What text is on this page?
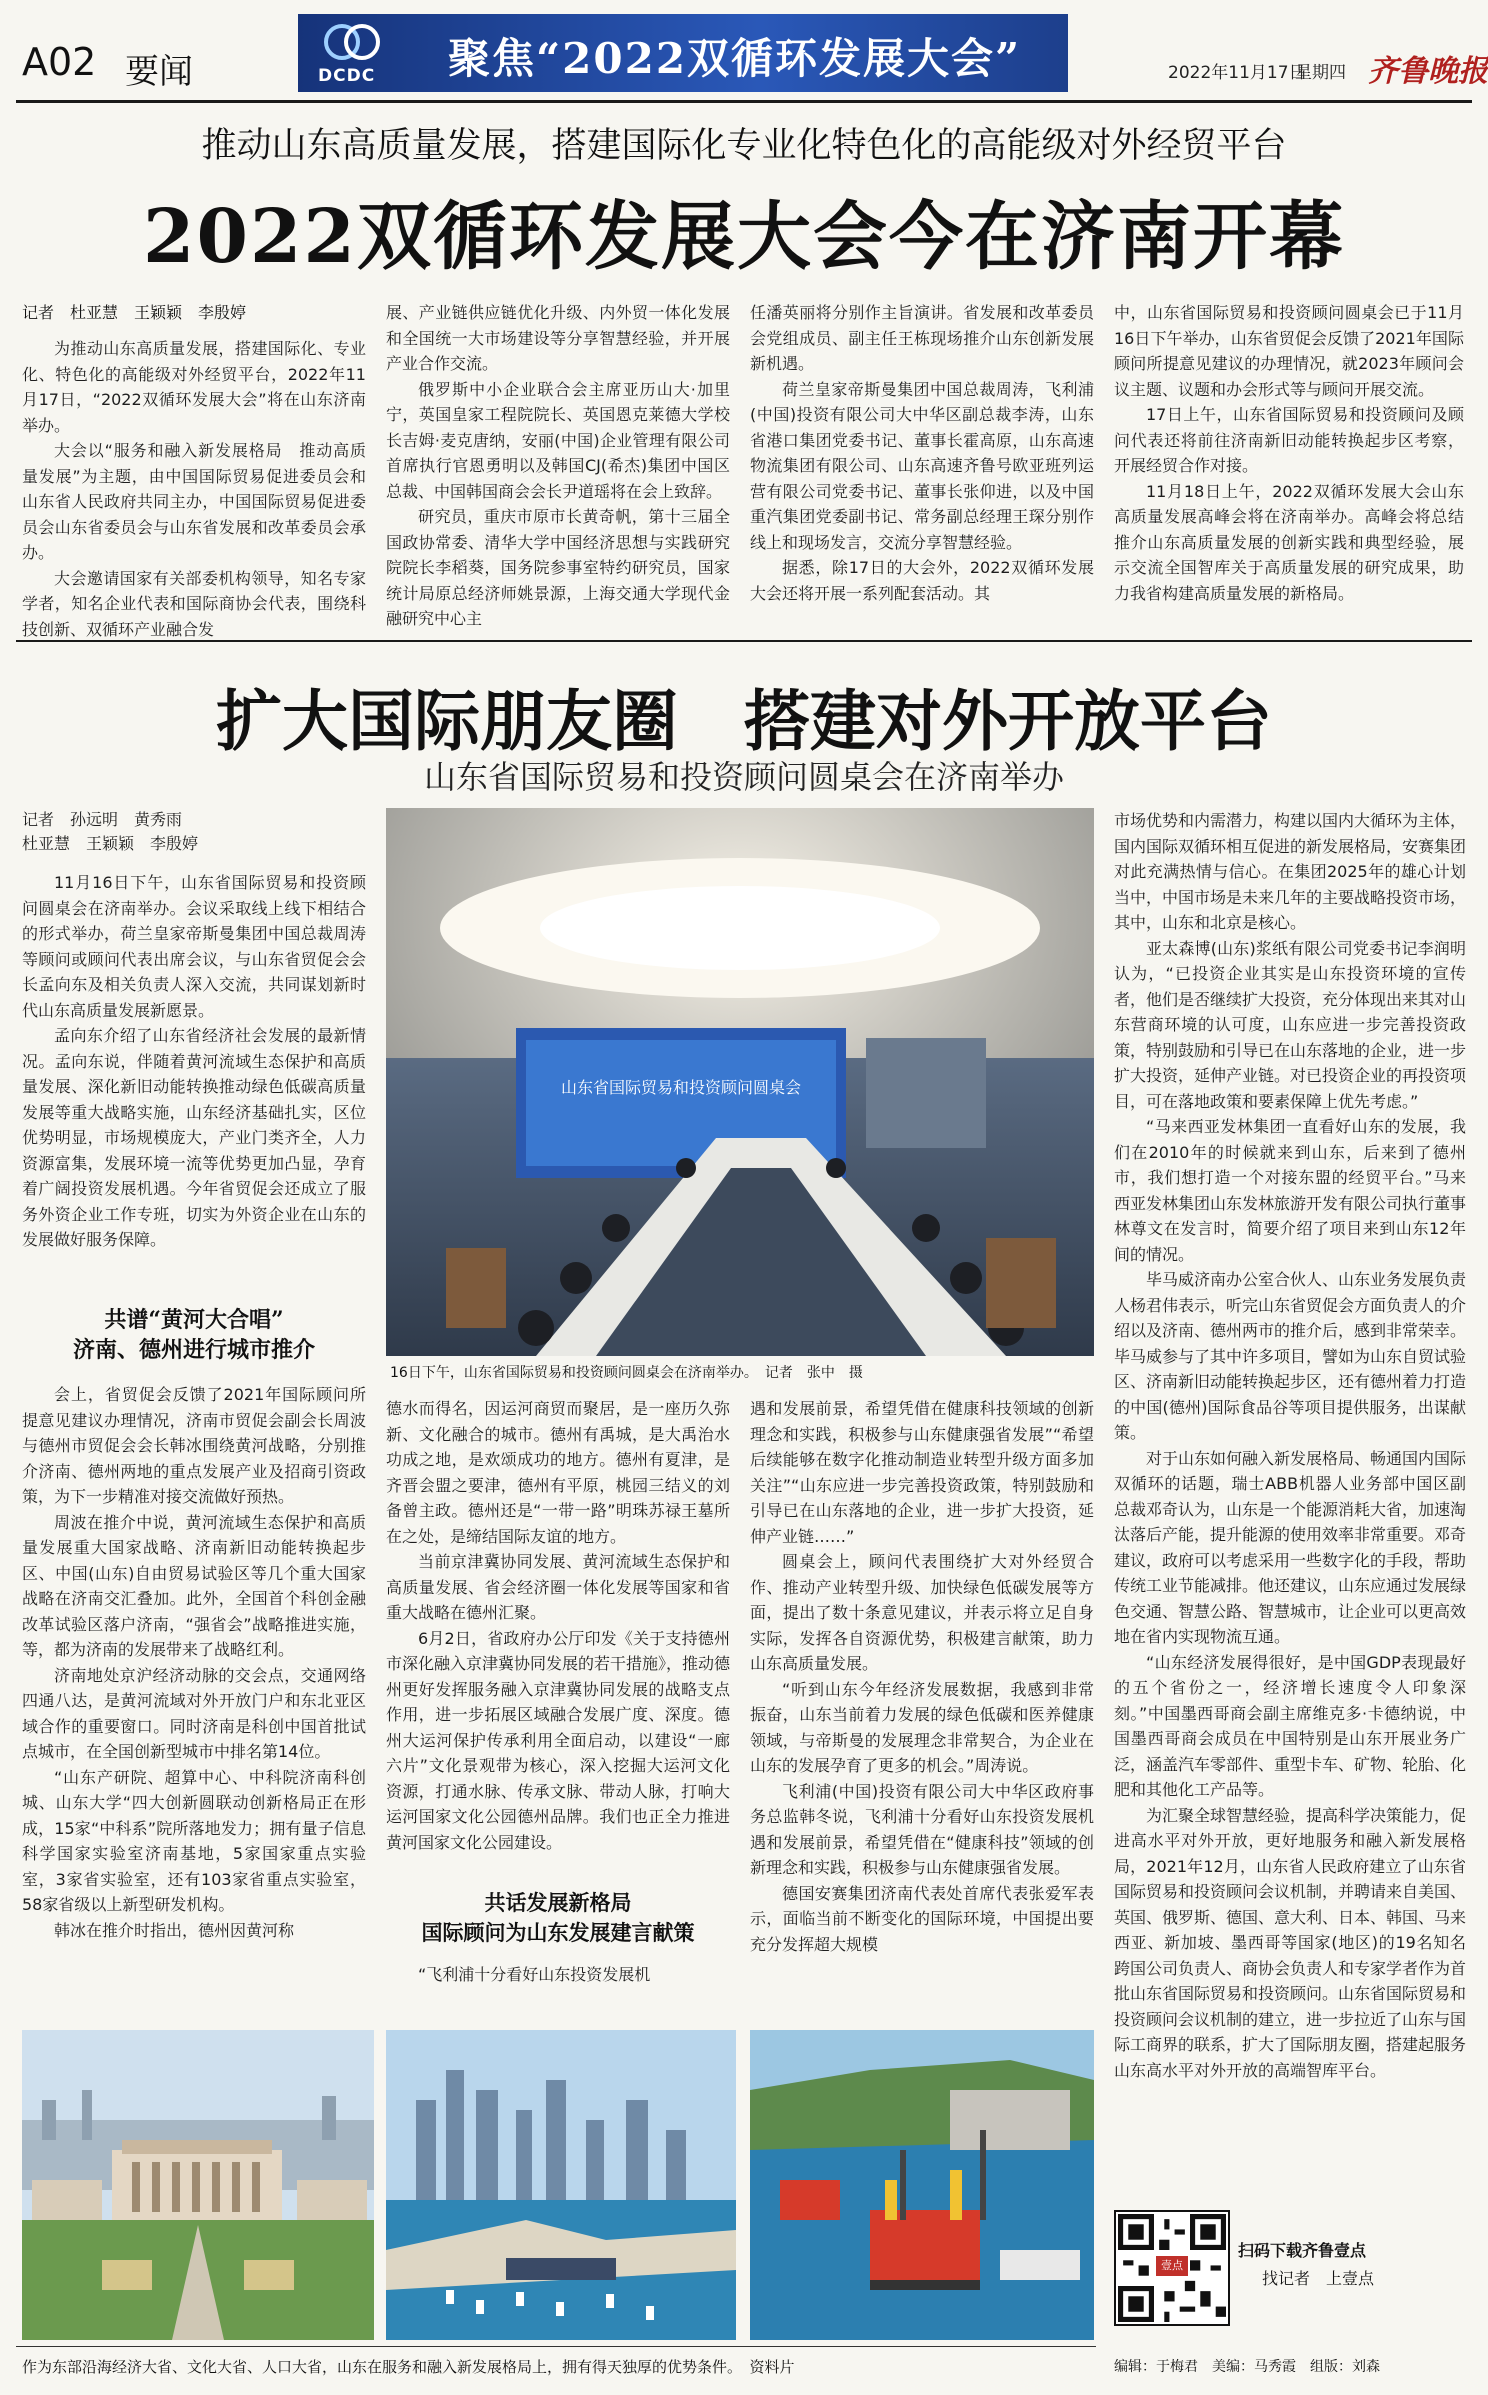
A02 要闻	DCDC 聚焦“2022双循环发展大会”	2022年11月17日
星期四 齐鲁晚报
推动山东高质量发展，搭建国际化专业化特色化的高能级对外经贸平台
2022双循环发展大会今在济南开幕
记者　杜亚慧　王颖颖　李殷婷

为推动山东高质量发展，搭建国际化、专业化、特色化的高能级对外经贸平台，2022年11月17日，“2022双循环发展大会”将在山东济南举办。

大会以“服务和融入新发展格局　推动高质量发展”为主题，由中国国际贸易促进委员会和山东省人民政府共同主办，中国国际贸易促进委员会山东省委员会与山东省发展和改革委员会承办。

大会邀请国家有关部委机构领导，知名专家学者，知名企业代表和国际商协会代表，围绕科技创新、双循环产业融合发

展、产业链供应链优化升级、内外贸一体化发展和全国统一大市场建设等分享智慧经验，并开展产业合作交流。

俄罗斯中小企业联合会主席亚历山大·加里宁，英国皇家工程院院长、英国恩克莱德大学校长吉姆·麦克唐纳，安丽(中国)企业管理有限公司首席执行官恩勇明以及韩国CJ(希杰)集团中国区总裁、中国韩国商会会长尹道瑶将在会上致辞。

研究员，重庆市原市长黄奇帆，第十三届全国政协常委、清华大学中国经济思想与实践研究院院长李稻葵，国务院参事室特约研究员，国家统计局原总经济师姚景源，上海交通大学现代金融研究中心主

任潘英丽将分别作主旨演讲。省发展和改革委员会党组成员、副主任王栋现场推介山东创新发展新机遇。

荷兰皇家帝斯曼集团中国总裁周涛，飞利浦(中国)投资有限公司大中华区副总裁李涛，山东省港口集团党委书记、董事长霍高原，山东高速物流集团有限公司、山东高速齐鲁号欧亚班列运营有限公司党委书记、董事长张仰进，以及中国重汽集团党委副书记、常务副总经理王琛分别作线上和现场发言，交流分享智慧经验。

据悉，除17日的大会外，2022双循环发展大会还将开展一系列配套活动。其

中，山东省国际贸易和投资顾问圆桌会已于11月16日下午举办，山东省贸促会反馈了2021年国际顾问所提意见建议的办理情况，就2023年顾问会议主题、议题和办会形式等与顾问开展交流。

17日上午，山东省国际贸易和投资顾问及顾问代表还将前往济南新旧动能转换起步区考察，开展经贸合作对接。

11月18日上午，2022双循环发展大会山东高质量发展高峰会将在济南举办。高峰会将总结推介山东高质量发展的创新实践和典型经验，展示交流全国智库关于高质量发展的研究成果，助力我省构建高质量发展的新格局。

扩大国际朋友圈　搭建对外开放平台
山东省国际贸易和投资顾问圆桌会在济南举办
记者　孙远明　黄秀雨
杜亚慧　王颖颖　李殷婷

11月16日下午，山东省国际贸易和投资顾问圆桌会在济南举办。会议采取线上线下相结合的形式举办，荷兰皇家帝斯曼集团中国总裁周涛等顾问或顾问代表出席会议，与山东省贸促会会长孟向东及相关负责人深入交流，共同谋划新时代山东高质量发展新愿景。

孟向东介绍了山东省经济社会发展的最新情况。孟向东说，伴随着黄河流域生态保护和高质量发展、深化新旧动能转换推动绿色低碳高质量发展等重大战略实施，山东经济基础扎实，区位优势明显，市场规模庞大，产业门类齐全，人力资源富集，发展环境一流等优势更加凸显，孕育着广阔投资发展机遇。今年省贸促会还成立了服务外资企业工作专班，切实为外资企业在山东的发展做好服务保障。

共谱“黄河大合唱”
济南、德州进行城市推介

会上，省贸促会反馈了2021年国际顾问所提意见建议办理情况，济南市贸促会副会长周波与德州市贸促会会长韩冰围绕黄河战略，分别推介济南、德州两地的重点发展产业及招商引资政策，为下一步精准对接交流做好预热。

周波在推介中说，黄河流域生态保护和高质量发展重大国家战略、济南新旧动能转换起步区、中国(山东)自由贸易试验区等几个重大国家战略在济南交汇叠加。此外，全国首个科创金融改革试验区落户济南，“强省会”战略推进实施，等，都为济南的发展带来了战略红利。

济南地处京沪经济动脉的交会点，交通网络四通八达，是黄河流域对外开放门户和东北亚区域合作的重要窗口。同时济南是科创中国首批试点城市，在全国创新型城市中排名第14位。

“山东产研院、超算中心、中科院济南科创城、山东大学“四大创新圆联动创新格局正在形成，15家“中科系”院所落地发力；拥有量子信息科学国家实验室济南基地，5家国家重点实验室，3家省实验室，还有103家省重点实验室，58家省级以上新型研发机构。

韩冰在推介时指出，德州因黄河称

山东省国际贸易和投资顾问圆桌会
16日下午，山东省国际贸易和投资顾问圆桌会在济南举办。　记者　张中　摄

德水而得名，因运河商贸而聚居，是一座历久弥新、文化融合的城市。德州有禹城，是大禹治水功成之地，是欢颂成功的地方。德州有夏津，是齐晋会盟之要津，德州有平原，桃园三结义的刘备曾主政。德州还是“一带一路”明珠苏禄王墓所在之处，是缔结国际友谊的地方。

当前京津冀协同发展、黄河流域生态保护和高质量发展、省会经济圈一体化发展等国家和省重大战略在德州汇聚。

6月2日，省政府办公厅印发《关于支持德州市深化融入京津冀协同发展的若干措施》，推动德州更好发挥服务融入京津冀协同发展的战略支点作用，进一步拓展区域融合发展广度、深度。德州大运河保护传承利用全面启动，以建设“一廊六片”文化景观带为核心，深入挖掘大运河文化资源，打通水脉、传承文脉、带动人脉，打响大运河国家文化公园德州品牌。我们也正全力推进黄河国家文化公园建设。

共话发展新格局
国际顾问为山东发展建言献策

“飞利浦十分看好山东投资发展机

遇和发展前景，希望凭借在健康科技领域的创新理念和实践，积极参与山东健康强省发展”“希望后续能够在数字化推动制造业转型升级方面多加关注”“山东应进一步完善投资政策，特别鼓励和引导已在山东落地的企业，进一步扩大投资，延伸产业链……”

圆桌会上，顾问代表围绕扩大对外经贸合作、推动产业转型升级、加快绿色低碳发展等方面，提出了数十条意见建议，并表示将立足自身实际，发挥各自资源优势，积极建言献策，助力山东高质量发展。

“听到山东今年经济发展数据，我感到非常振奋，山东当前着力发展的绿色低碳和医养健康领域，与帝斯曼的发展理念非常契合，为企业在山东的发展孕育了更多的机会。”周涛说。

飞利浦(中国)投资有限公司大中华区政府事务总监韩冬说，飞利浦十分看好山东投资发展机遇和发展前景，希望凭借在“健康科技”领域的创新理念和实践，积极参与山东健康强省发展。

德国安赛集团济南代表处首席代表张爱军表示，面临当前不断变化的国际环境，中国提出要充分发挥超大规模

市场优势和内需潜力，构建以国内大循环为主体，国内国际双循环相互促进的新发展格局，安赛集团对此充满热情与信心。在集团2025年的雄心计划当中，中国市场是未来几年的主要战略投资市场，其中，山东和北京是核心。

亚太森博(山东)浆纸有限公司党委书记李润明认为，“已投资企业其实是山东投资环境的宣传者，他们是否继续扩大投资，充分体现出来其对山东营商环境的认可度，山东应进一步完善投资政策，特别鼓励和引导已在山东落地的企业，进一步扩大投资，延伸产业链。对已投资企业的再投资项目，可在落地政策和要素保障上优先考虑。”

“马来西亚发林集团一直看好山东的发展，我们在2010年的时候就来到山东，后来到了德州市，我们想打造一个对接东盟的经贸平台。”马来西亚发林集团山东发林旅游开发有限公司执行董事林尊文在发言时，简要介绍了项目来到山东12年间的情况。

毕马威济南办公室合伙人、山东业务发展负责人杨君伟表示，听完山东省贸促会方面负责人的介绍以及济南、德州两市的推介后，感到非常荣幸。毕马威参与了其中许多项目，譬如为山东自贸试验区、济南新旧动能转换起步区，还有德州着力打造的中国(德州)国际食品谷等项目提供服务，出谋献策。

对于山东如何融入新发展格局、畅通国内国际双循环的话题，瑞士ABB机器人业务部中国区副总裁邓奇认为，山东是一个能源消耗大省，加速淘汰落后产能，提升能源的使用效率非常重要。邓奇建议，政府可以考虑采用一些数字化的手段，帮助传统工业节能减排。他还建议，山东应通过发展绿色交通、智慧公路、智慧城市，让企业可以更高效地在省内实现物流互通。

“山东经济发展得很好，是中国GDP表现最好的五个省份之一，经济增长速度令人印象深刻。”中国墨西哥商会副主席维克多·卡德纳说，中国墨西哥商会成员在中国特别是山东开展业务广泛，涵盖汽车零部件、重型卡车、矿物、轮胎、化肥和其他化工产品等。

为汇聚全球智慧经验，提高科学决策能力，促进高水平对外开放，更好地服务和融入新发展格局，2021年12月，山东省人民政府建立了山东省国际贸易和投资顾问会议机制，并聘请来自美国、英国、俄罗斯、德国、意大利、日本、韩国、马来西亚、新加坡、墨西哥等国家(地区)的19名知名跨国公司负责人、商协会负责人和专家学者作为首批山东省国际贸易和投资顾问。山东省国际贸易和投资顾问会议机制的建立，进一步拉近了山东与国际工商界的联系，扩大了国际朋友圈，搭建起服务山东高水平对外开放的高端智库平台。

壹点
扫码下载齐鲁壹点
找记者　上壹点
作为东部沿海经济大省、文化大省、人口大省，山东在服务和融入新发展格局上，拥有得天独厚的优势条件。　资料片	编辑：于梅君　美编：马秀霞　组版：刘森
